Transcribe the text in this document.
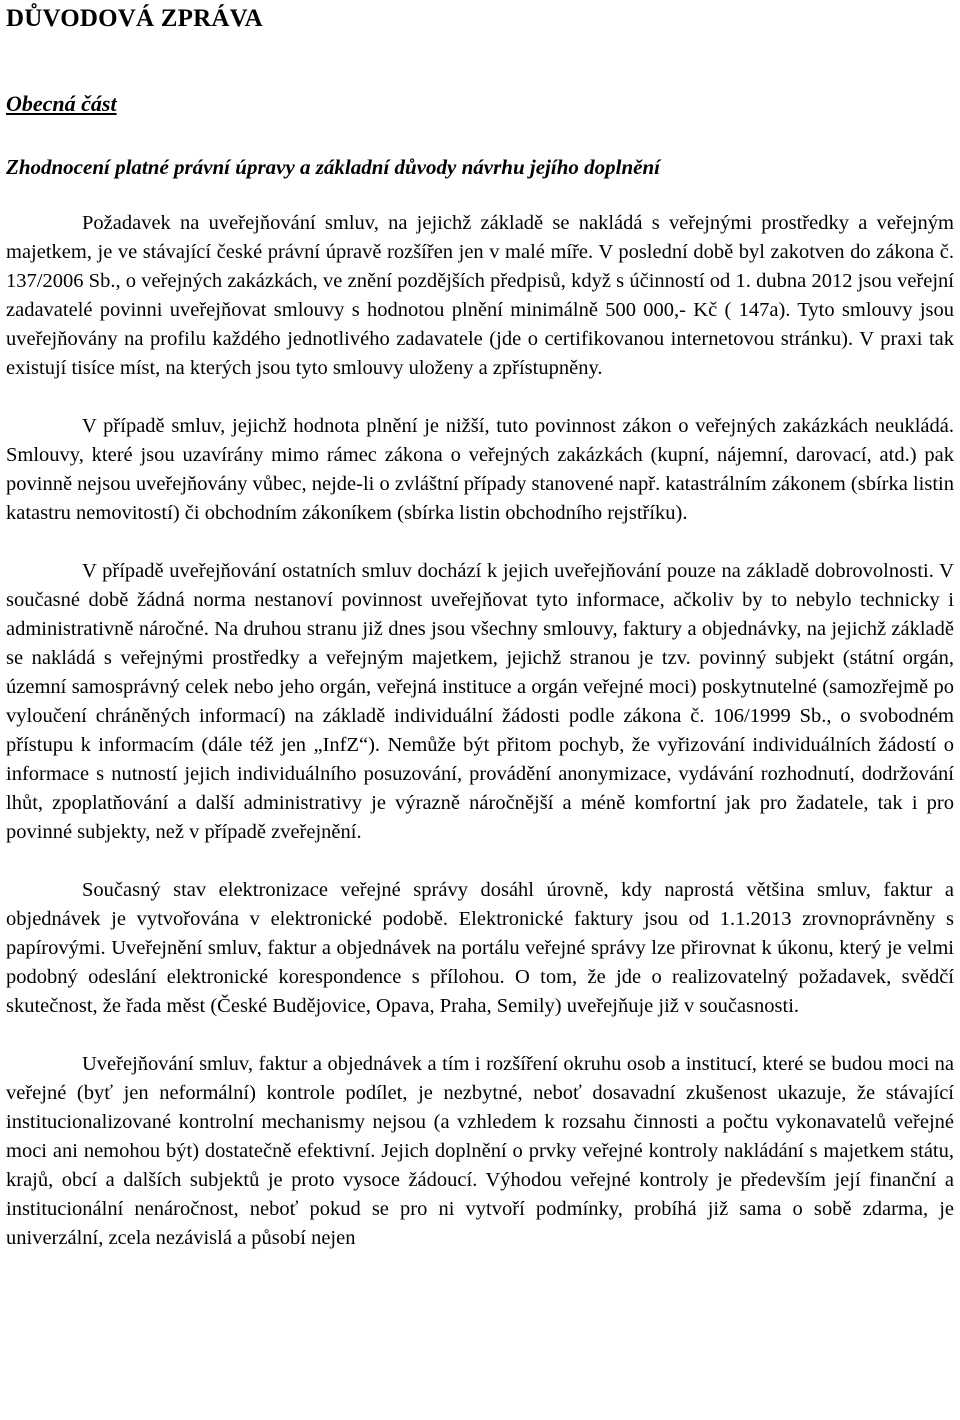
DŮVODOVÁ ZPRÁVA
Obecná část
Zhodnocení platné právní úpravy a základní důvody návrhu jejího doplnění

Požadavek na uveřejňování smluv, na jejichž základě se nakládá s veřejnými prostředky a veřejným majetkem, je ve stávající české právní úpravě rozšířen jen v malé míře. V poslední době byl zakotven do zákona č. 137/2006 Sb., o veřejných zakázkách, ve znění pozdějších předpisů, když s účinností od 1. dubna 2012 jsou veřejní zadavatelé povinni uveřejňovat smlouvy s hodnotou plnění minimálně 500 000,- Kč ( 147a). Tyto smlouvy jsou uveřejňovány na profilu každého jednotlivého zadavatele (jde o certifikovanou internetovou stránku). V praxi tak existují tisíce míst, na kterých jsou tyto smlouvy uloženy a zpřístupněny.

V případě smluv, jejichž hodnota plnění je nižší, tuto povinnost zákon o veřejných zakázkách neukládá. Smlouvy, které jsou uzavírány mimo rámec zákona o veřejných zakázkách (kupní, nájemní, darovací, atd.) pak povinně nejsou uveřejňovány vůbec, nejde-li o zvláštní případy stanovené např. katastrálním zákonem (sbírka listin katastru nemovitostí) či obchodním zákoníkem (sbírka listin obchodního rejstříku).

V případě uveřejňování ostatních smluv dochází k jejich uveřejňování pouze na základě dobrovolnosti. V současné době žádná norma nestanoví povinnost uveřejňovat tyto informace, ačkoliv by to nebylo technicky i administrativně náročné. Na druhou stranu již dnes jsou všechny smlouvy, faktury a objednávky, na jejichž základě se nakládá s veřejnými prostředky a veřejným majetkem, jejichž stranou je tzv. povinný subjekt (státní orgán, územní samosprávný celek nebo jeho orgán, veřejná instituce a orgán veřejné moci) poskytnutelné (samozřejmě po vyloučení chráněných informací) na základě individuální žádosti podle zákona č. 106/1999 Sb., o svobodném přístupu k informacím (dále též jen „InfZ“). Nemůže být přitom pochyb, že vyřizování individuálních žádostí o informace s nutností jejich individuálního posuzování, provádění anonymizace, vydávání rozhodnutí, dodržování lhůt, zpoplatňování a další administrativy je výrazně náročnější a méně komfortní jak pro žadatele, tak i pro povinné subjekty, než v případě zveřejnění.

Současný stav elektronizace veřejné správy dosáhl úrovně, kdy naprostá většina smluv, faktur a objednávek je vytvořována v elektronické podobě. Elektronické faktury jsou od 1.1.2013 zrovnoprávněny s papírovými. Uveřejnění smluv, faktur a objednávek na portálu veřejné správy lze přirovnat k úkonu, který je velmi podobný odeslání elektronické korespondence s přílohou. O tom, že jde o realizovatelný požadavek, svědčí skutečnost, že řada měst (České Budějovice, Opava, Praha, Semily) uveřejňuje již v současnosti.

Uveřejňování smluv, faktur a objednávek a tím i rozšíření okruhu osob a institucí, které se budou moci na veřejné (byť jen neformální) kontrole podílet, je nezbytné, neboť dosavadní zkušenost ukazuje, že stávající institucionalizované kontrolní mechanismy nejsou (a vzhledem k rozsahu činnosti a počtu vykonavatelů veřejné moci ani nemohou být) dostatečně efektivní. Jejich doplnění o prvky veřejné kontroly nakládání s majetkem státu, krajů, obcí a dalších subjektů je proto vysoce žádoucí. Výhodou veřejné kontroly je především její finanční a institucionální nenáročnost, neboť pokud se pro ni vytvoří podmínky, probíhá již sama o sobě zdarma, je univerzální, zcela nezávislá a působí nejen
